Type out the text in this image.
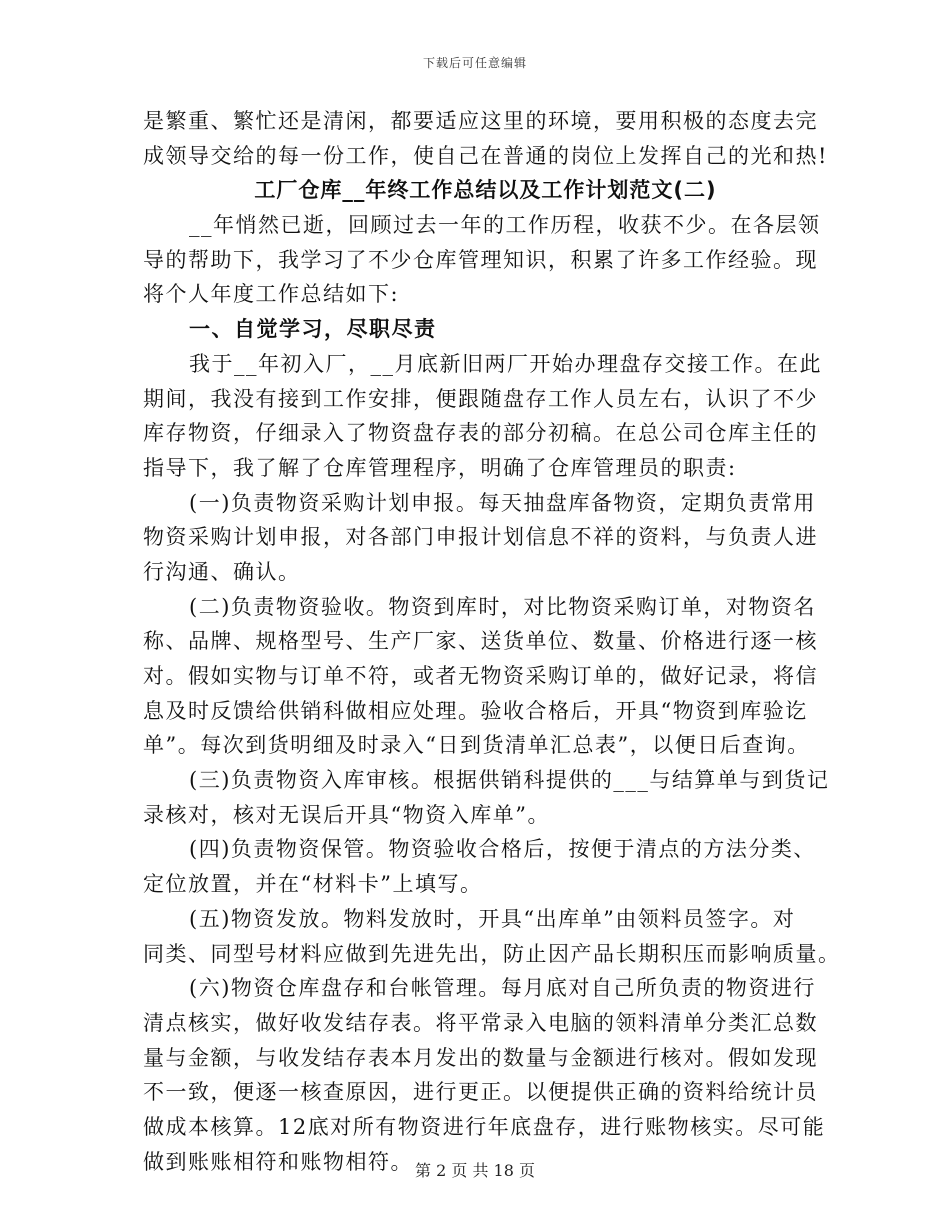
下载后可任意编辑
是繁重、繁忙还是清闲，都要适应这里的环境，要用积极的态度去完
成领导交给的每一份工作，使自己在普通的岗位上发挥自己的光和热!
工厂仓库__年终工作总结以及工作计划范文(二)
__年悄然已逝，回顾过去一年的工作历程，收获不少。在各层领
导的帮助下，我学习了不少仓库管理知识，积累了许多工作经验。现
将个人年度工作总结如下:
一、自觉学习，尽职尽责
我于__年初入厂，__月底新旧两厂开始办理盘存交接工作。在此
期间，我没有接到工作安排，便跟随盘存工作人员左右，认识了不少
库存物资，仔细录入了物资盘存表的部分初稿。在总公司仓库主任的
指导下，我了解了仓库管理程序，明确了仓库管理员的职责:
(一)负责物资采购计划申报。每天抽盘库备物资，定期负责常用
物资采购计划申报，对各部门申报计划信息不祥的资料，与负责人进
行沟通、确认。
(二)负责物资验收。物资到库时，对比物资采购订单，对物资名
称、品牌、规格型号、生产厂家、送货单位、数量、价格进行逐一核
对。假如实物与订单不符，或者无物资采购订单的，做好记录，将信
息及时反馈给供销科做相应处理。验收合格后，开具“物资到库验讫
单”。每次到货明细及时录入“日到货清单汇总表”，以便日后查询。
(三)负责物资入库审核。根据供销科提供的___与结算单与到货记
录核对，核对无误后开具“物资入库单”。
(四)负责物资保管。物资验收合格后，按便于清点的方法分类、
定位放置，并在“材料卡”上填写。
(五)物资发放。物料发放时，开具“出库单”由领料员签字。对
同类、同型号材料应做到先进先出，防止因产品长期积压而影响质量。
(六)物资仓库盘存和台帐管理。每月底对自己所负责的物资进行
清点核实，做好收发结存表。将平常录入电脑的领料清单分类汇总数
量与金额，与收发结存表本月发出的数量与金额进行核对。假如发现
不一致，便逐一核查原因，进行更正。以便提供正确的资料给统计员
做成本核算。12底对所有物资进行年底盘存，进行账物核实。尽可能
做到账账相符和账物相符。 第 2 页 共 18 页
